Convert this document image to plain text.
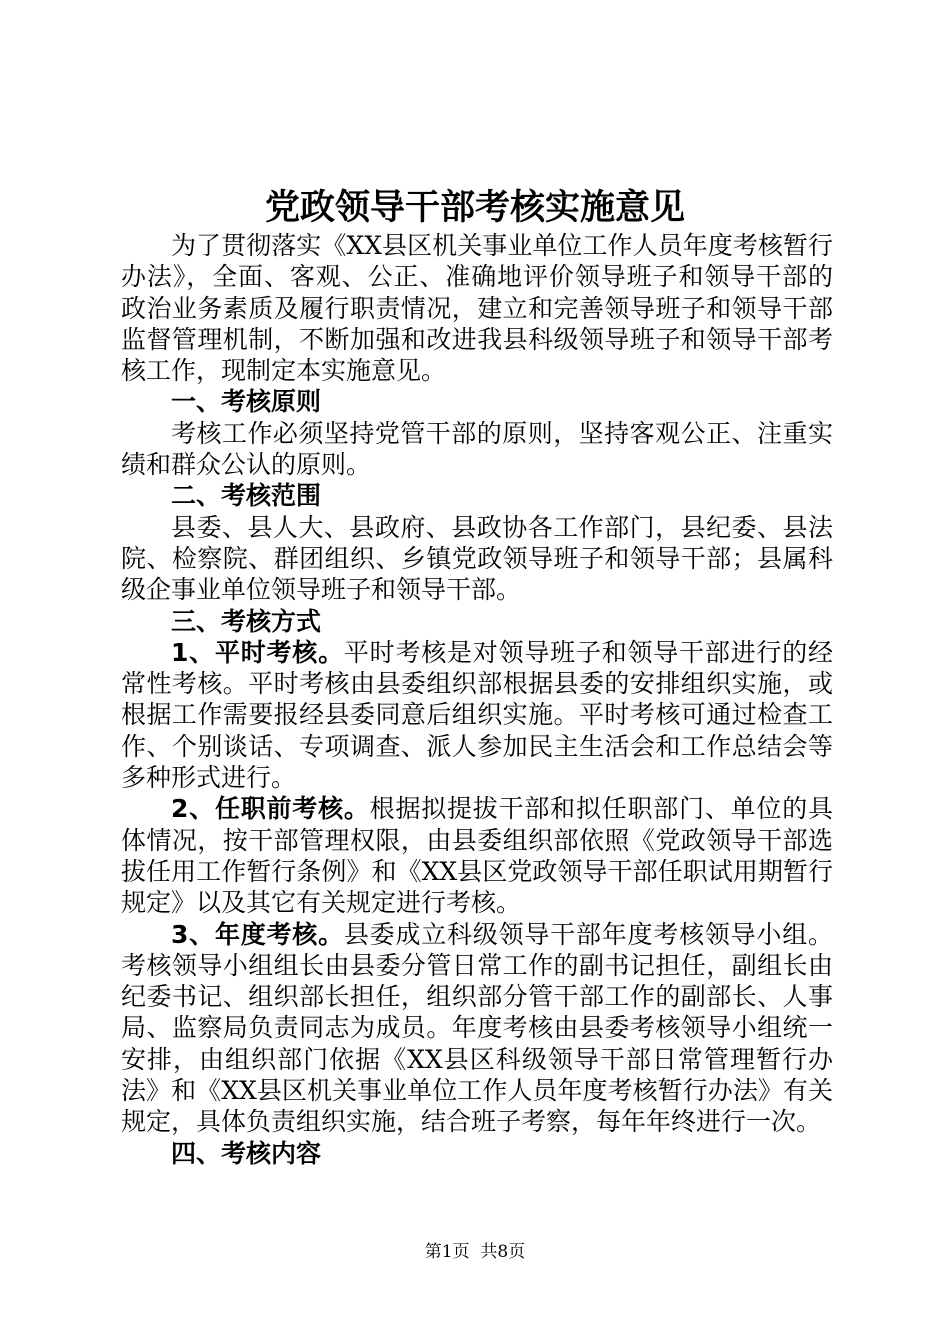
党政领导干部考核实施意见

为了贯彻落实《XX县区机关事业单位工作人员年度考核暂行办法》，全面、客观、公正、准确地评价领导班子和领导干部的政治业务素质及履行职责情况，建立和完善领导班子和领导干部监督管理机制，不断加强和改进我县科级领导班子和领导干部考核工作，现制定本实施意见。

一、考核原则

考核工作必须坚持党管干部的原则，坚持客观公正、注重实绩和群众公认的原则。

二、考核范围

县委、县人大、县政府、县政协各工作部门，县纪委、县法院、检察院、群团组织、乡镇党政领导班子和领导干部；县属科级企事业单位领导班子和领导干部。

三、考核方式

1、平时考核。平时考核是对领导班子和领导干部进行的经常性考核。平时考核由县委组织部根据县委的安排组织实施，或根据工作需要报经县委同意后组织实施。平时考核可通过检查工作、个别谈话、专项调查、派人参加民主生活会和工作总结会等多种形式进行。

2、任职前考核。根据拟提拔干部和拟任职部门、单位的具体情况，按干部管理权限，由县委组织部依照《党政领导干部选拔任用工作暂行条例》和《XX县区党政领导干部任职试用期暂行规定》以及其它有关规定进行考核。

3、年度考核。县委成立科级领导干部年度考核领导小组。考核领导小组组长由县委分管日常工作的副书记担任，副组长由纪委书记、组织部长担任，组织部分管干部工作的副部长、人事局、监察局负责同志为成员。年度考核由县委考核领导小组统一安排，由组织部门依据《XX县区科级领导干部日常管理暂行办法》和《XX县区机关事业单位工作人员年度考核暂行办法》有关规定，具体负责组织实施，结合班子考察，每年年终进行一次。

四、考核内容

第1页  共8页
